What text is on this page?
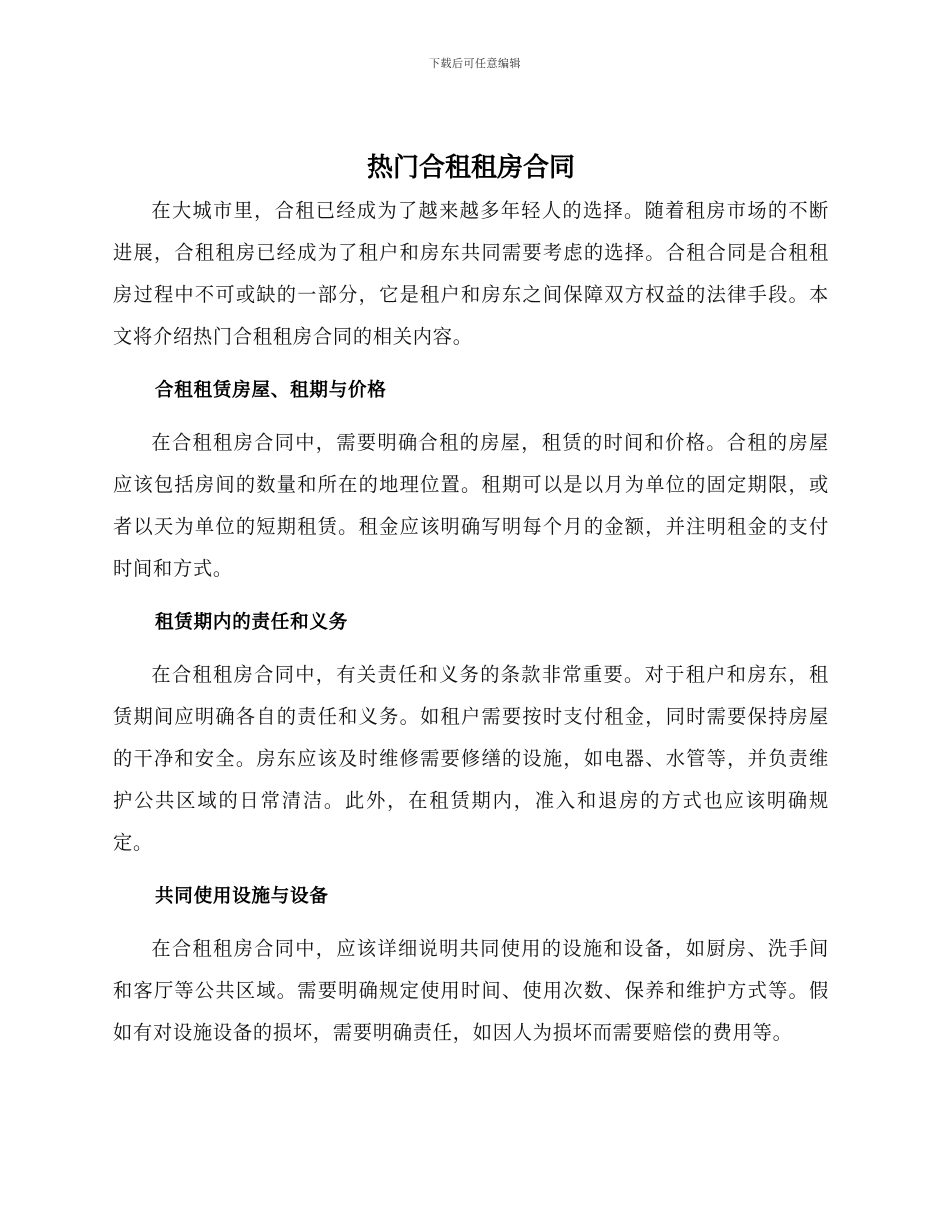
下载后可任意编辑
热门合租租房合同

在大城市里，合租已经成为了越来越多年轻人的选择。随着租房市场的不断进展，合租租房已经成为了租户和房东共同需要考虑的选择。合租合同是合租租房过程中不可或缺的一部分，它是租户和房东之间保障双方权益的法律手段。本文将介绍热门合租租房合同的相关内容。

合租租赁房屋、租期与价格

在合租租房合同中，需要明确合租的房屋，租赁的时间和价格。合租的房屋应该包括房间的数量和所在的地理位置。租期可以是以月为单位的固定期限，或者以天为单位的短期租赁。租金应该明确写明每个月的金额，并注明租金的支付时间和方式。

租赁期内的责任和义务

在合租租房合同中，有关责任和义务的条款非常重要。对于租户和房东，租赁期间应明确各自的责任和义务。如租户需要按时支付租金，同时需要保持房屋的干净和安全。房东应该及时维修需要修缮的设施，如电器、水管等，并负责维护公共区域的日常清洁。此外，在租赁期内，准入和退房的方式也应该明确规定。

共同使用设施与设备

在合租租房合同中，应该详细说明共同使用的设施和设备，如厨房、洗手间和客厅等公共区域。需要明确规定使用时间、使用次数、保养和维护方式等。假如有对设施设备的损坏，需要明确责任，如因人为损坏而需要赔偿的费用等。
